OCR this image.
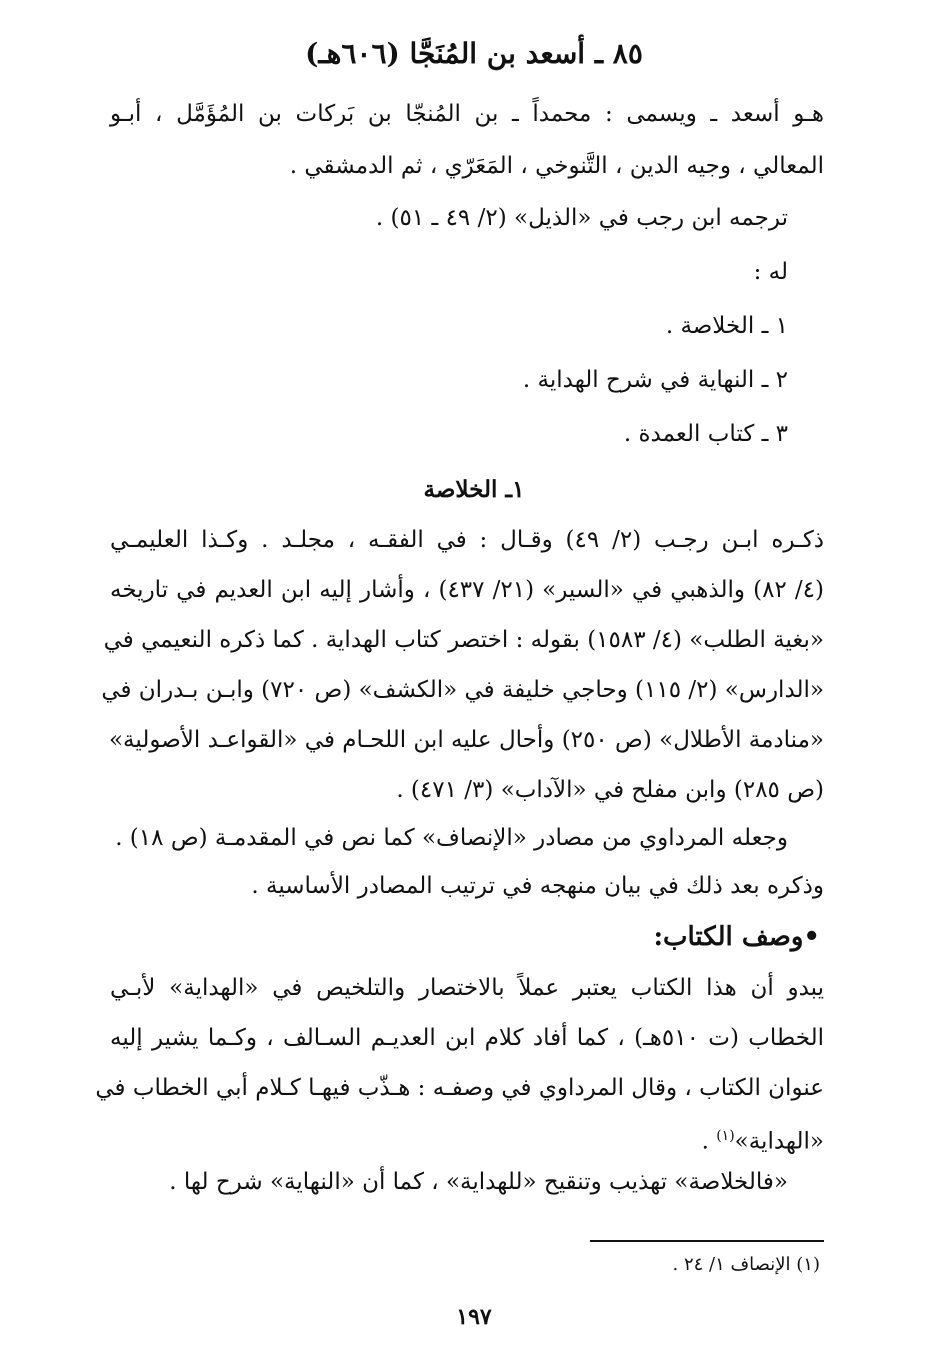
٨٥ ـ أسعد بن المُنَجَّا (٦٠٦هـ)
هـو أسعد ـ ويسمى : محمداً ـ بن المُنجّا بن بَركات بن المُؤَمَّل ، أبـو
المعالي ، وجيه الدين ، التَّنوخي ، المَعَرّي ، ثم الدمشقي .
ترجمه ابن رجب في «الذيل» (٢/ ٤٩ ـ ٥١) .
له :
١ ـ الخلاصة .
٢ ـ النهاية في شرح الهداية .
٣ ـ كتاب العمدة .
١ـ الخلاصة
ذكـره ابـن رجـب (٢/ ٤٩) وقـال : في الفقـه ، مجلـد . وكـذا العليمـي
(٤/ ٨٢) والذهبي في «السير» (٢١/ ٤٣٧) ، وأشار إليه ابن العديم في تاريخه
«بغية الطلب» (٤/ ١٥٨٣) بقوله : اختصر كتاب الهداية . كما ذكره النعيمي في
«الدارس» (٢/ ١١٥) وحاجي خليفة في «الكشف» (ص ٧٢٠) وابـن بـدران في
«منادمة الأطلال» (ص ٢٥٠) وأحال عليه ابن اللحـام في «القواعـد الأصولية»
(ص ٢٨٥) وابن مفلح في «الآداب» (٣/ ٤٧١) .
وجعله المرداوي من مصادر «الإنصاف» كما نص في المقدمـة (ص ١٨) .
وذكره بعد ذلك في بيان منهجه في ترتيب المصادر الأساسية .
•وصف الكتاب:
يبدو أن هذا الكتاب يعتبر عملاً بالاختصار والتلخيص في «الهداية» لأبـي
الخطاب (ت ٥١٠هـ) ، كما أفاد كلام ابن العديـم السـالف ، وكـما يشير إليه
عنوان الكتاب ، وقال المرداوي في وصفـه : هـذّب فيهـا كـلام أبي الخطاب في
«الهداية»$^{(١)}$ .
«فالخلاصة» تهذيب وتنقيح «للهداية» ، كما أن «النهاية» شرح لها .
(١) الإنصاف ١/ ٢٤ .
١٩٧
